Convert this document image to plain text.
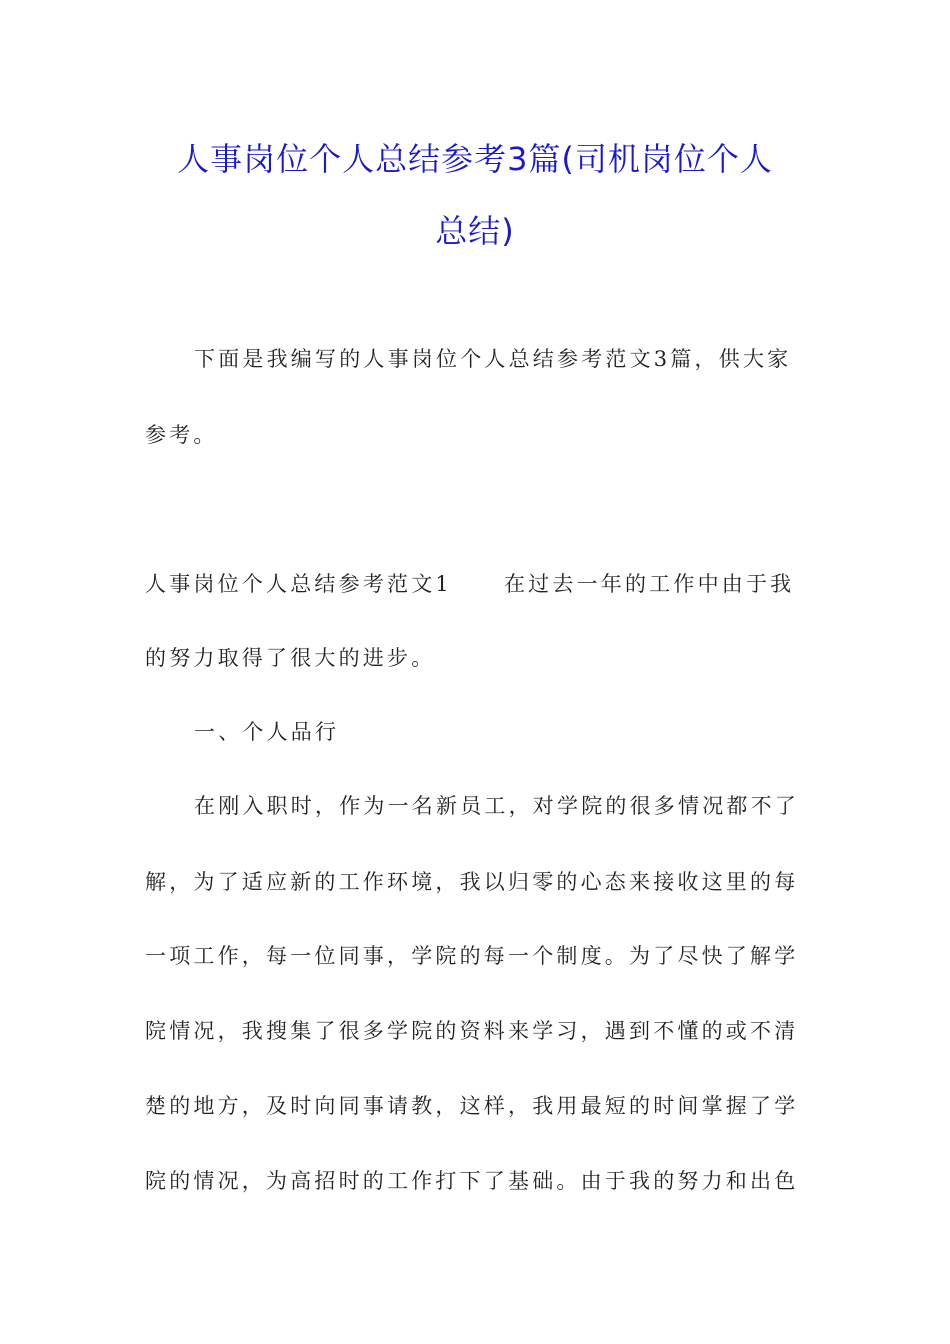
人事岗位个人总结参考3篇(司机岗位个人
总结)
下面是我编写的人事岗位个人总结参考范文3篇，供大家
参考。
人事岗位个人总结参考范文1 在过去一年的工作中由于我
的努力取得了很大的进步。
一、个人品行
在刚入职时，作为一名新员工，对学院的很多情况都不了
解，为了适应新的工作环境，我以归零的心态来接收这里的每
一项工作，每一位同事，学院的每一个制度。为了尽快了解学
院情况，我搜集了很多学院的资料来学习，遇到不懂的或不清
楚的地方，及时向同事请教，这样，我用最短的时间掌握了学
院的情况，为高招时的工作打下了基础。由于我的努力和出色
